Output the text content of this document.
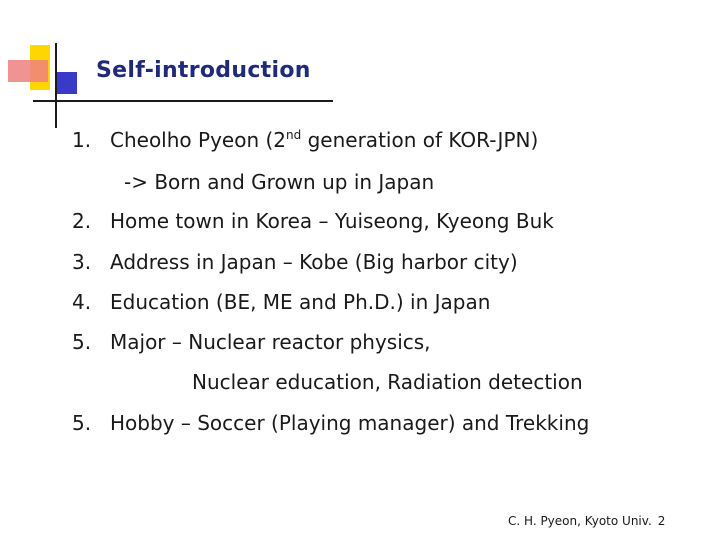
Self-introduction
1. Cheolho Pyeon (2nd generation of KOR-JPN)
-> Born and Grown up in Japan
2. Home town in Korea – Yuiseong, Kyeong Buk
3. Address in Japan – Kobe (Big harbor city)
4. Education (BE, ME and Ph.D.) in Japan
5. Major – Nuclear reactor physics,
Nuclear education, Radiation detection
5. Hobby – Soccer (Playing manager) and Trekking
C. H. Pyeon, Kyoto Univ. 2
